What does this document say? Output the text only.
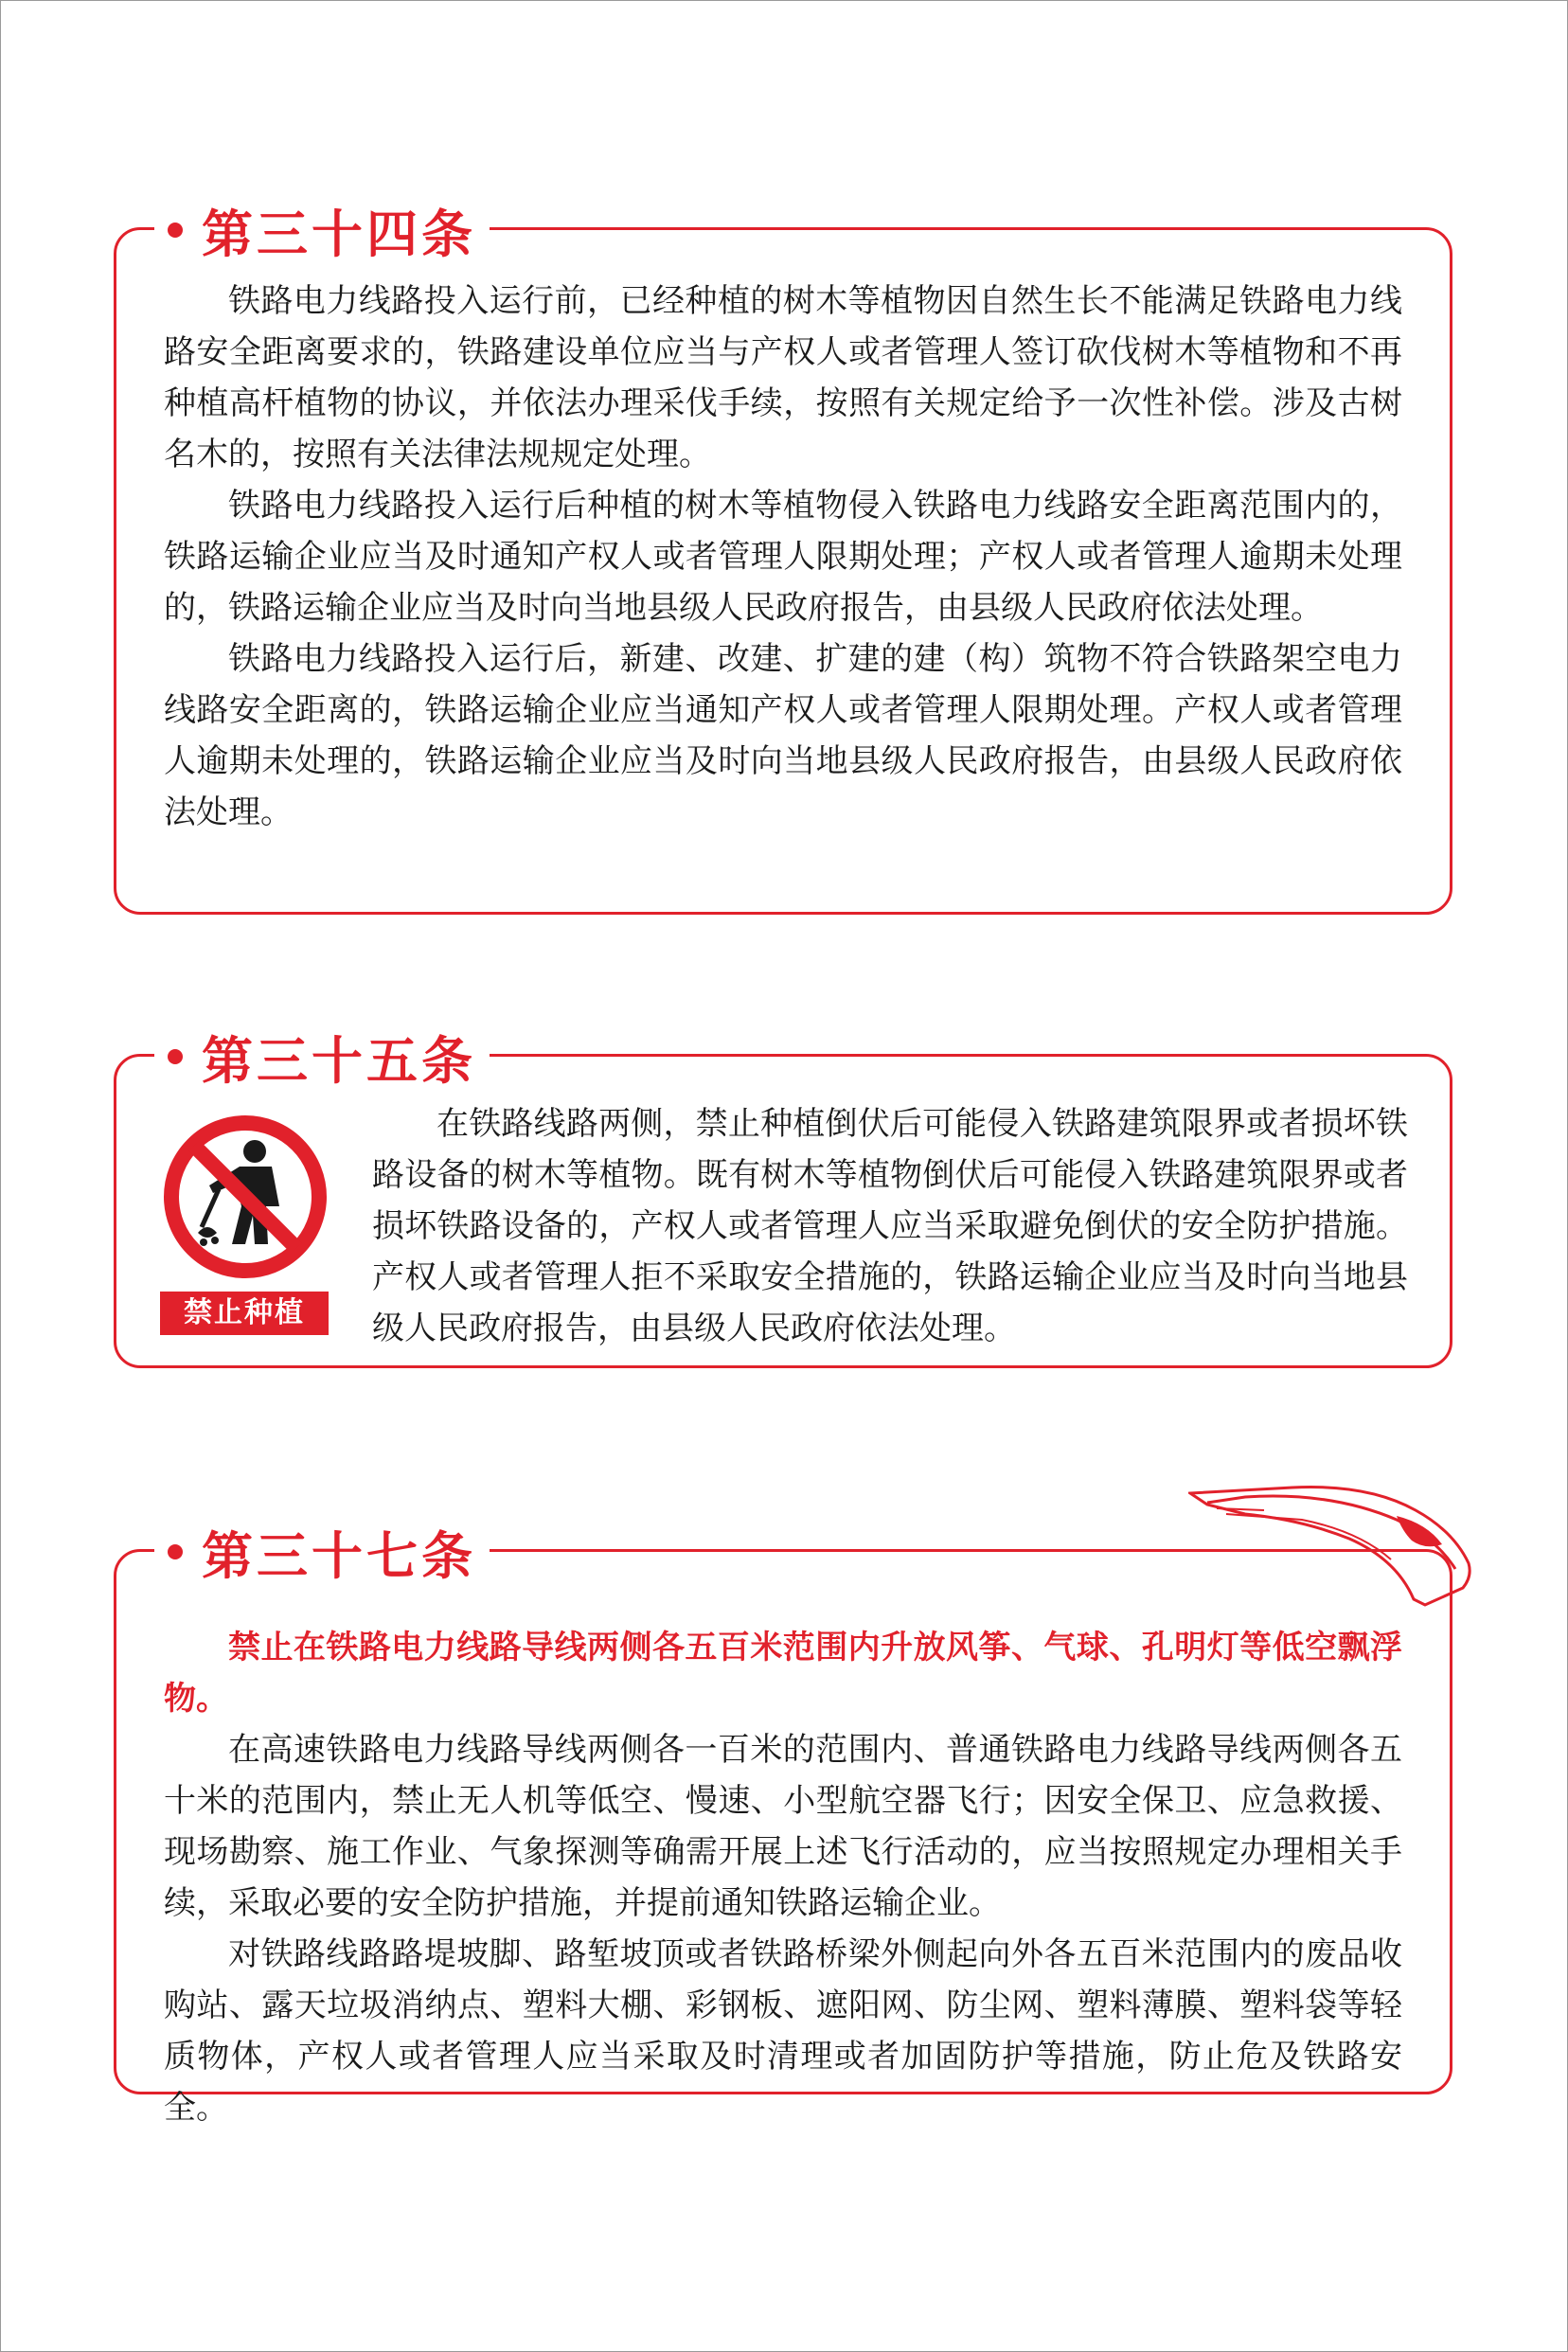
第三十四条

铁路电力线路投入运行前，已经种植的树木等植物因自然生长不能满足铁路电力线路安全距离要求的，铁路建设单位应当与产权人或者管理人签订砍伐树木等植物和不再种植高杆植物的协议，并依法办理采伐手续，按照有关规定给予一次性补偿。涉及古树名木的，按照有关法律法规规定处理。

铁路电力线路投入运行后种植的树木等植物侵入铁路电力线路安全距离范围内的，铁路运输企业应当及时通知产权人或者管理人限期处理；产权人或者管理人逾期未处理的，铁路运输企业应当及时向当地县级人民政府报告，由县级人民政府依法处理。

铁路电力线路投入运行后，新建、改建、扩建的建（构）筑物不符合铁路架空电力线路安全距离的，铁路运输企业应当通知产权人或者管理人限期处理。产权人或者管理人逾期未处理的，铁路运输企业应当及时向当地县级人民政府报告，由县级人民政府依法处理。

第三十五条
禁止种植

在铁路线路两侧，禁止种植倒伏后可能侵入铁路建筑限界或者损坏铁路设备的树木等植物。既有树木等植物倒伏后可能侵入铁路建筑限界或者损坏铁路设备的，产权人或者管理人应当采取避免倒伏的安全防护措施。产权人或者管理人拒不采取安全措施的，铁路运输企业应当及时向当地县级人民政府报告，由县级人民政府依法处理。

第三十七条

禁止在铁路电力线路导线两侧各五百米范围内升放风筝、气球、孔明灯等低空飘浮物。

在高速铁路电力线路导线两侧各一百米的范围内、普通铁路电力线路导线两侧各五十米的范围内，禁止无人机等低空、慢速、小型航空器飞行；因安全保卫、应急救援、现场勘察、施工作业、气象探测等确需开展上述飞行活动的，应当按照规定办理相关手续，采取必要的安全防护措施，并提前通知铁路运输企业。

对铁路线路路堤坡脚、路堑坡顶或者铁路桥梁外侧起向外各五百米范围内的废品收购站、露天垃圾消纳点、塑料大棚、彩钢板、遮阳网、防尘网、塑料薄膜、塑料袋等轻质物体，产权人或者管理人应当采取及时清理或者加固防护等措施，防止危及铁路安全。
